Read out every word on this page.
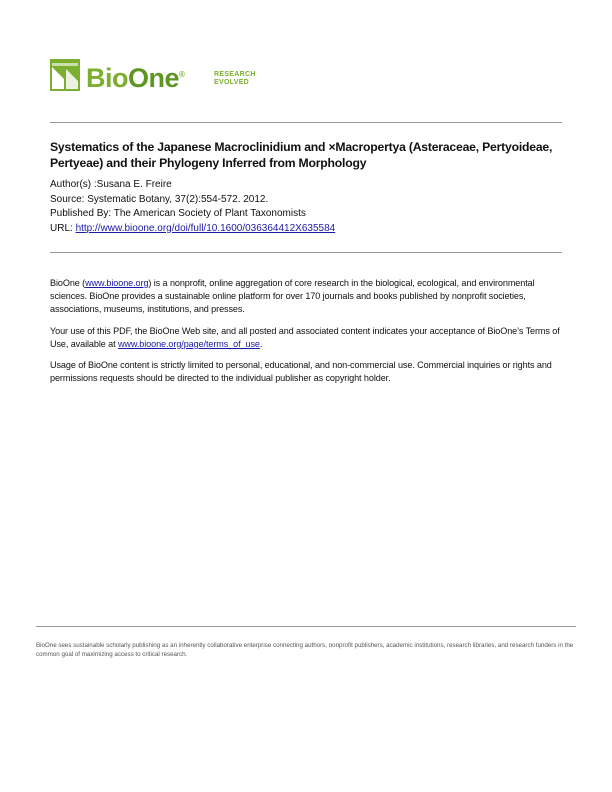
BioOne®	RESEARCH
EVOLVED
Systematics of the Japanese Macroclinidium and ×Macropertya (Asteraceae, Pertyoideae, Pertyeae) and their Phylogeny Inferred from Morphology
Author(s) :Susana E. Freire
Source: Systematic Botany, 37(2):554-572. 2012.
Published By: The American Society of Plant Taxonomists
URL: http://www.bioone.org/doi/full/10.1600/036364412X635584

BioOne (www.bioone.org) is a nonprofit, online aggregation of core research in the biological, ecological, and environmental sciences. BioOne provides a sustainable online platform for over 170 journals and books published by nonprofit societies, associations, museums, institutions, and presses.

Your use of this PDF, the BioOne Web site, and all posted and associated content indicates your acceptance of BioOne’s Terms of Use, available at www.bioone.org/page/terms_of_use.

Usage of BioOne content is strictly limited to personal, educational, and non-commercial use. Commercial inquiries or rights and permissions requests should be directed to the individual publisher as copyright holder.

BioOne sees sustainable scholarly publishing as an inherently collaborative enterprise connecting authors, nonprofit publishers, academic institutions, research libraries, and research funders in the common goal of maximizing access to critical research.
